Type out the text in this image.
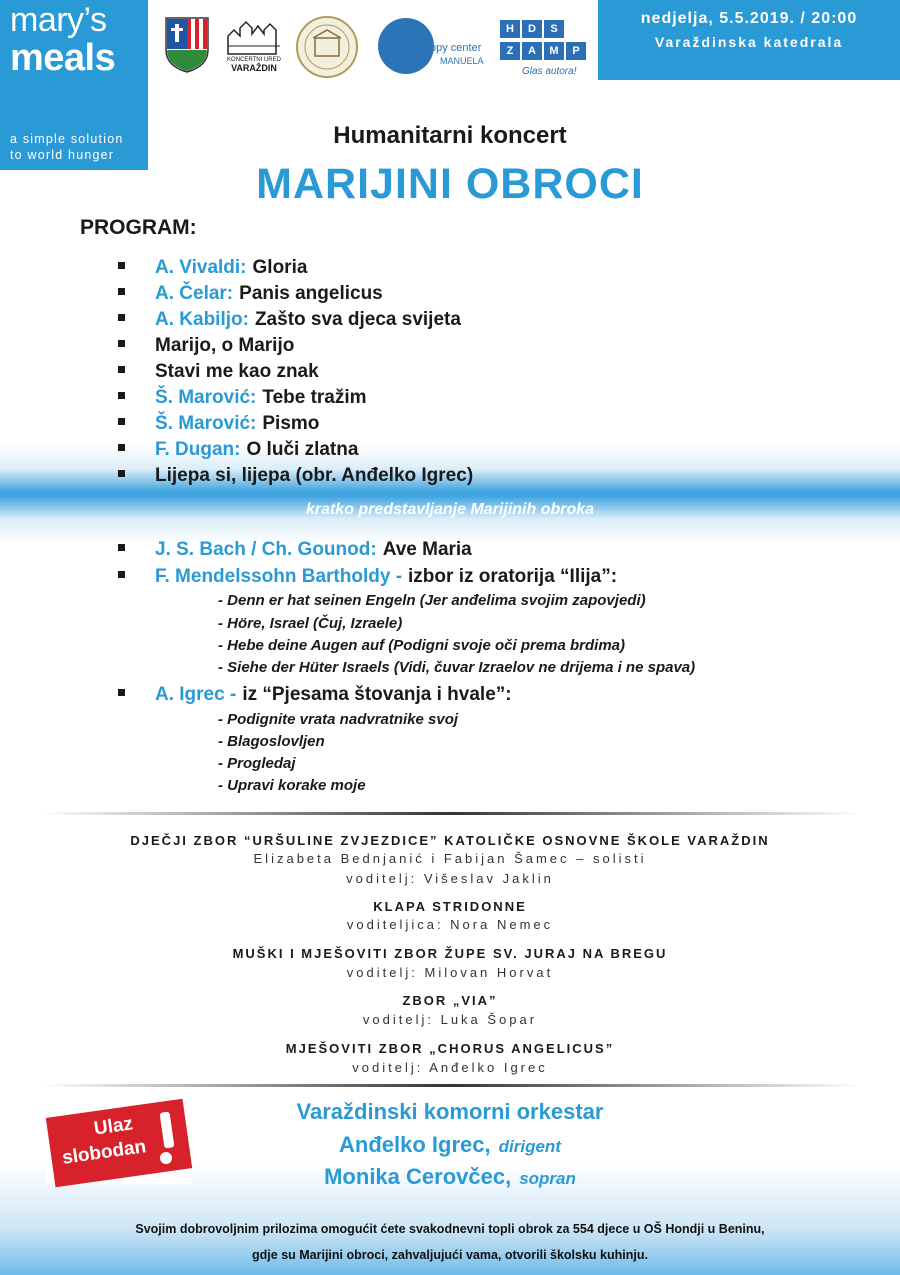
mary’s
meals
a simple solution
to world hunger
KONCERTNI URED
VARAŽDIN
opy center
MANUELA
H	D	S
Z	A	M	P
Glas autora!
nedjelja, 5.5.2019. / 20:00
Varaždinska katedrala
Humanitarni koncert
MARIJINI OBROCI
PROGRAM:
A. Vivaldi: Gloria
A. Čelar: Panis angelicus
A. Kabiljo: Zašto sva djeca svijeta
Marijo, o Marijo
Stavi me kao znak
Š. Marović: Tebe tražim
Š. Marović: Pismo
F. Dugan: O luči zlatna
Lijepa si, lijepa (obr. Anđelko Igrec)
kratko predstavljanje Marijinih obroka
J. S. Bach / Ch. Gounod: Ave Maria
F. Mendelssohn Bartholdy - izbor iz oratorija “Ilija”:
- Denn er hat seinen Engeln (Jer anđelima svojim zapovjedi)
- Höre, Israel (Čuj, Izraele)
- Hebe deine Augen auf (Podigni svoje oči prema brdima)
- Siehe der Hüter Israels (Vidi, čuvar Izraelov ne drijema i ne spava)
A. Igrec - iz “Pjesama štovanja i hvale”:
- Podignite vrata nadvratnike svoj
- Blagoslovljen
- Progledaj
- Upravi korake moje
DJEČJI ZBOR “URŠULINE ZVJEZDICE” KATOLIČKE OSNOVNE ŠKOLE VARAŽDIN
Elizabeta Bednjanić i Fabijan Šamec – solisti
voditelj: Višeslav Jaklin
KLAPA STRIDONNE
voditeljica: Nora Nemec
MUŠKI I MJEŠOVITI ZBOR ŽUPE SV. JURAJ NA BREGU
voditelj: Milovan Horvat
ZBOR „VIA”
voditelj: Luka Šopar
MJEŠOVITI ZBOR „CHORUS ANGELICUS”
voditelj: Anđelko Igrec
Ulaz
slobodan
Varaždinski komorni orkestar
Anđelko Igrec, dirigent
Monika Cerovčec, sopran
Svojim dobrovoljnim prilozima omogućit ćete svakodnevni topli obrok za 554 djece u OŠ Hondji u Beninu,
gdje su Marijini obroci, zahvaljujući vama, otvorili školsku kuhinju.
